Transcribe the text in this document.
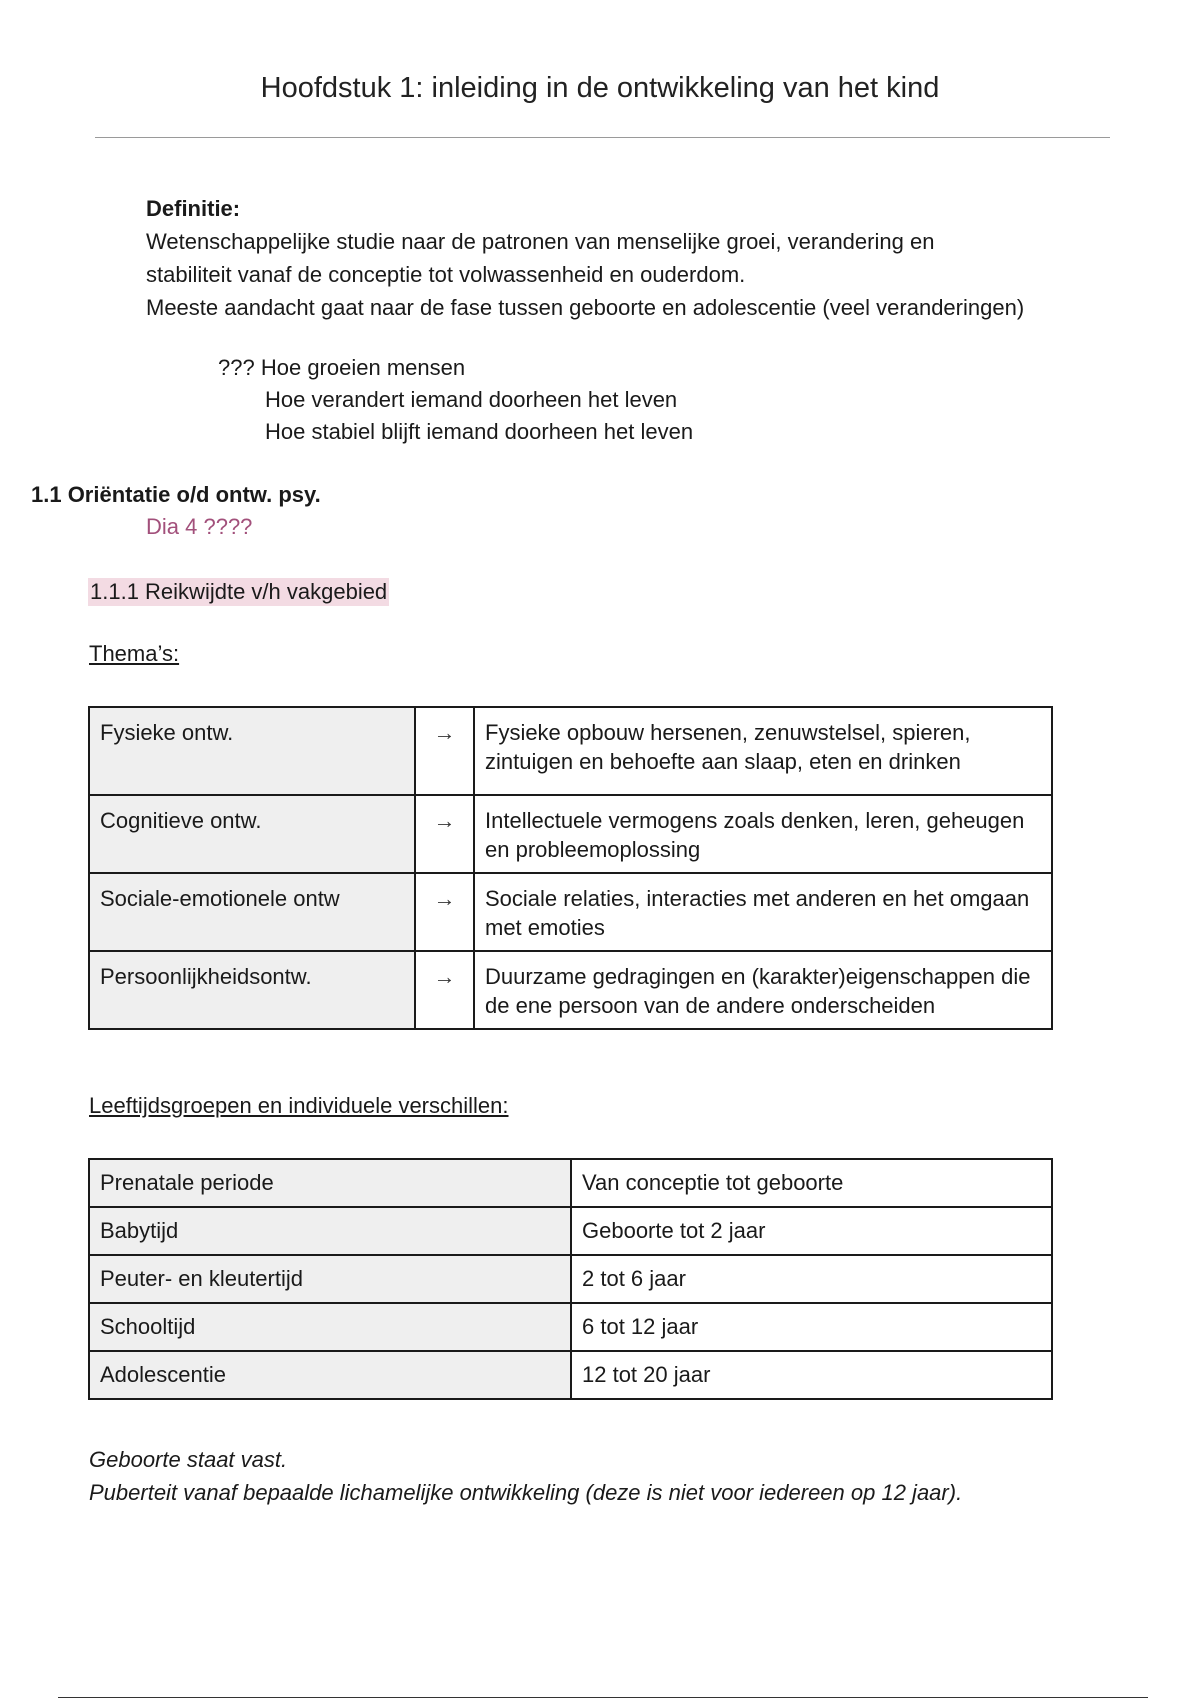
Hoofdstuk 1: inleiding in de ontwikkeling van het kind
Definitie:
Wetenschappelijke studie naar de patronen van menselijke groei, verandering en
stabiliteit vanaf de conceptie tot volwassenheid en ouderdom.
Meeste aandacht gaat naar de fase tussen geboorte en adolescentie (veel veranderingen)
??? Hoe groeien mensen
Hoe verandert iemand doorheen het leven
Hoe stabiel blijft iemand doorheen het leven
1.1 Oriëntatie o/d ontw. psy.
Dia 4 ????
1.1.1 Reikwijdte v/h vakgebied
Thema’s:
Fysieke ontw.	→	Fysieke opbouw hersenen, zenuwstelsel, spieren, zintuigen en behoefte aan slaap, eten en drinken
Cognitieve ontw.	→	Intellectuele vermogens zoals denken, leren, geheugen en probleemoplossing
Sociale-emotionele ontw	→	Sociale relaties, interacties met anderen en het omgaan met emoties
Persoonlijkheidsontw.	→	Duurzame gedragingen en (karakter)eigenschappen die de ene persoon van de andere onderscheiden
Leeftijdsgroepen en individuele verschillen:
Prenatale periode	Van conceptie tot geboorte
Babytijd	Geboorte tot 2 jaar
Peuter- en kleutertijd	2 tot 6 jaar
Schooltijd	6 tot 12 jaar
Adolescentie	12 tot 20 jaar
Geboorte staat vast.
Puberteit vanaf bepaalde lichamelijke ontwikkeling (deze is niet voor iedereen op 12 jaar).
